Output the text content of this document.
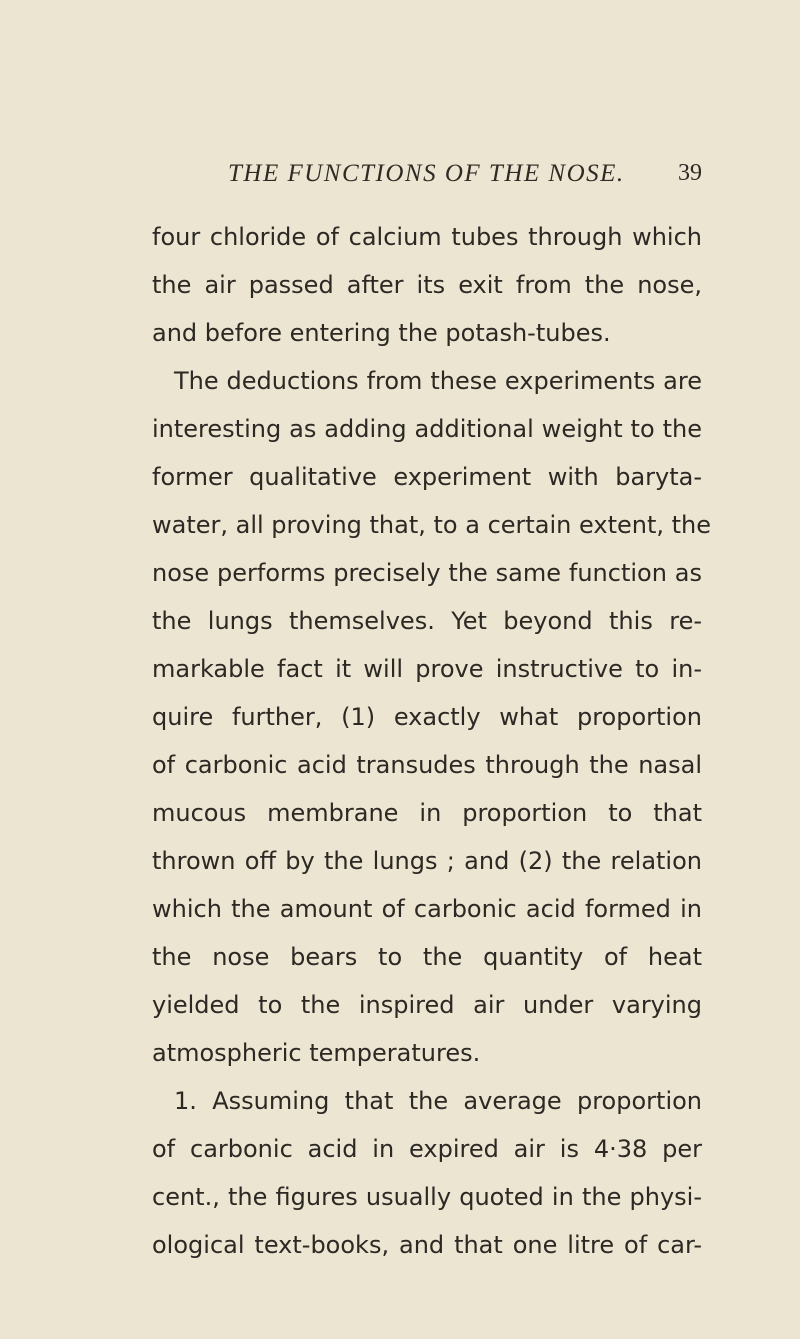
THE FUNCTIONS OF THE NOSE. 39
four chloride of calcium tubes through which
the air passed after its exit from the nose,
and before entering the potash-tubes.
The deductions from these experiments are
interesting as adding additional weight to the
former qualitative experiment with baryta-
water, all proving that, to a certain extent, the
nose performs precisely the same function as
the lungs themselves. Yet beyond this re-
markable fact it will prove instructive to in-
quire further, (1) exactly what proportion
of carbonic acid transudes through the nasal
mucous membrane in proportion to that
thrown off by the lungs ; and (2) the relation
which the amount of carbonic acid formed in
the nose bears to the quantity of heat
yielded to the inspired air under varying
atmospheric temperatures.
1. Assuming that the average proportion
of carbonic acid in expired air is 4·38 per
cent., the figures usually quoted in the physi-
ological text-books, and that one litre of car-
